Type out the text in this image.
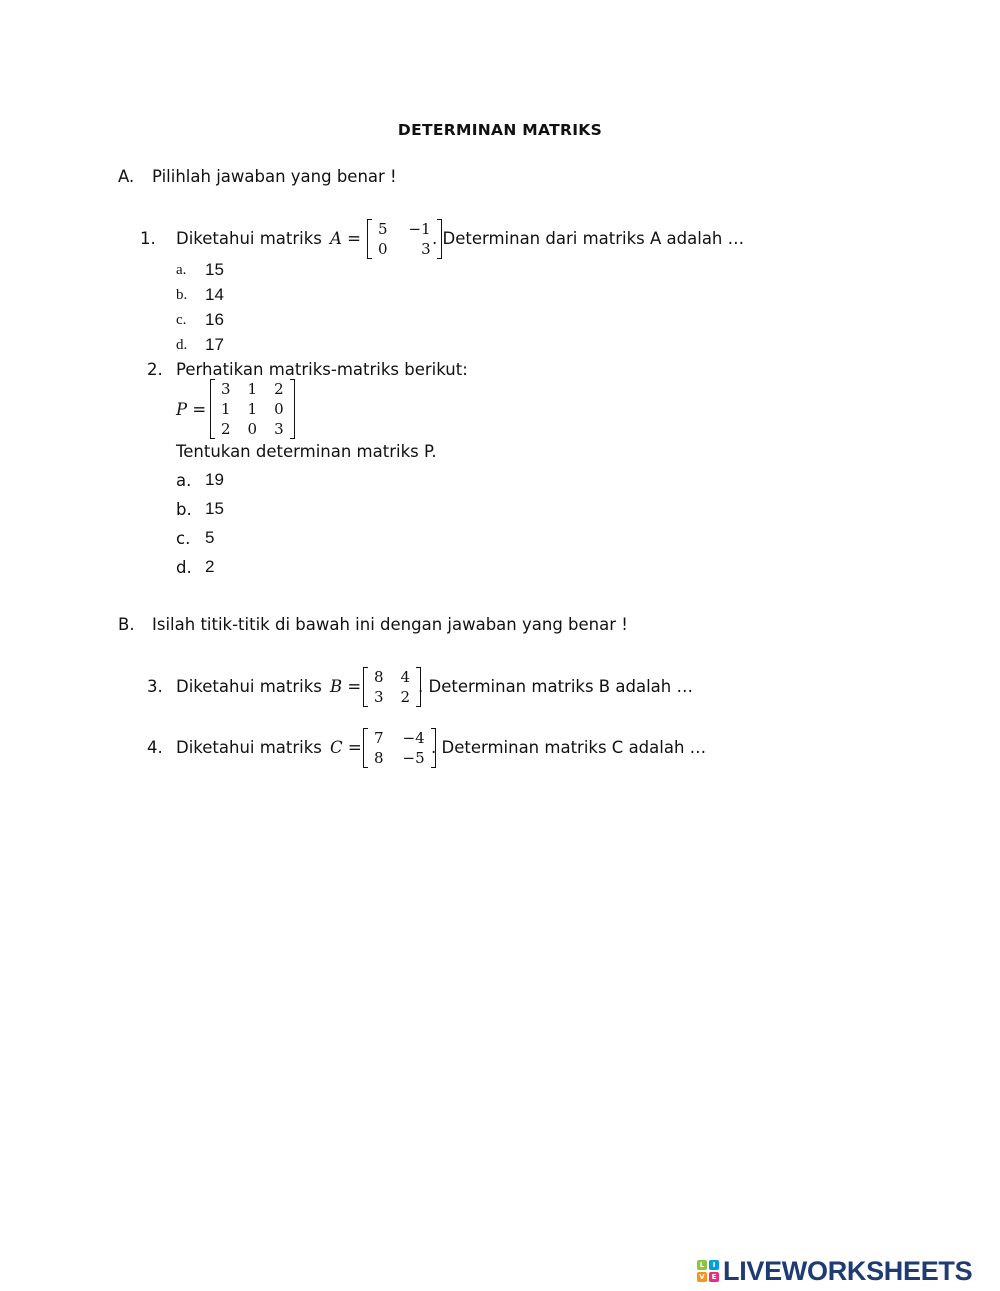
DETERMINAN MATRIKS
A. Pilihlah jawaban yang benar !
1. Diketahui matriks A = 5	−1
0	3
. Determinan dari matriks A adalah …
a. 15
b. 14
c. 16
d. 17
2. Perhatikan matriks-matriks berikut:
P =
3	1	2
1	1	0
2	0	3
Tentukan determinan matriks P.
a. 19
b. 15
c. 5
d. 2
B. Isilah titik-titik di bawah ini dengan jawaban yang benar !
3. Diketahui matriks B = 8	4
3	2
. Determinan matriks B adalah …
4. Diketahui matriks C = 7	−4
8	−5
. Determinan matriks C adalah …
L	I
V E LIVEWORKSHEETS
